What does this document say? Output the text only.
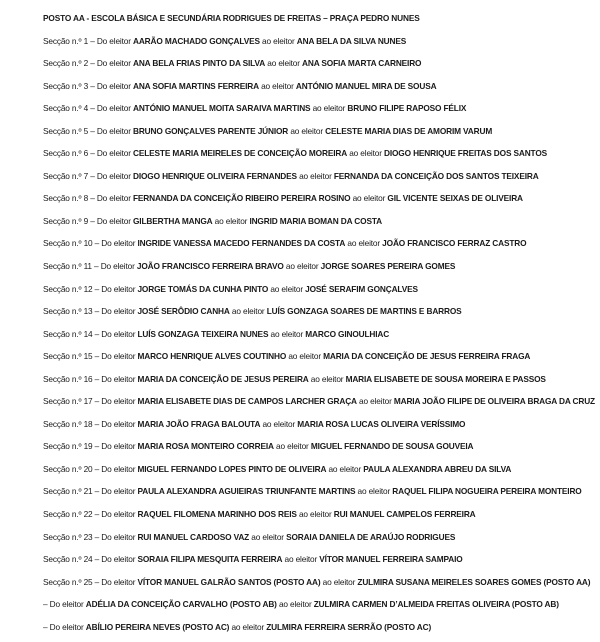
POSTO AA - ESCOLA BÁSICA E SECUNDÁRIA RODRIGUES DE FREITAS – PRAÇA PEDRO NUNES
Secção n.º 1 – Do eleitor AARÃO MACHADO GONÇALVES ao eleitor ANA BELA DA SILVA NUNES
Secção n.º 2 – Do eleitor ANA BELA FRIAS PINTO DA SILVA ao eleitor ANA SOFIA MARTA CARNEIRO
Secção n.º 3 – Do eleitor ANA SOFIA MARTINS FERREIRA ao eleitor ANTÓNIO MANUEL MIRA DE SOUSA
Secção n.º 4 – Do eleitor ANTÓNIO MANUEL MOITA SARAIVA MARTINS ao eleitor BRUNO FILIPE RAPOSO FÉLIX
Secção n.º 5 – Do eleitor BRUNO GONÇALVES PARENTE JÚNIOR ao eleitor CELESTE MARIA DIAS DE AMORIM VARUM
Secção n.º 6 – Do eleitor CELESTE MARIA MEIRELES DE CONCEIÇÃO MOREIRA ao eleitor DIOGO HENRIQUE FREITAS DOS SANTOS
Secção n.º 7 – Do eleitor DIOGO HENRIQUE OLIVEIRA FERNANDES ao eleitor FERNANDA DA CONCEIÇÃO DOS SANTOS TEIXEIRA
Secção n.º 8 – Do eleitor FERNANDA DA CONCEIÇÃO RIBEIRO PEREIRA ROSINO ao eleitor GIL VICENTE SEIXAS DE OLIVEIRA
Secção n.º 9 – Do eleitor GILBERTHA MANGA ao eleitor INGRID MARIA BOMAN DA COSTA
Secção n.º 10 – Do eleitor INGRIDE VANESSA MACEDO FERNANDES DA COSTA ao eleitor JOÃO FRANCISCO FERRAZ CASTRO
Secção n.º 11 – Do eleitor JOÃO FRANCISCO FERREIRA BRAVO ao eleitor JORGE SOARES PEREIRA GOMES
Secção n.º 12 – Do eleitor JORGE TOMÁS DA CUNHA PINTO ao eleitor JOSÉ SERAFIM GONÇALVES
Secção n.º 13 – Do eleitor JOSÉ SERÔDIO CANHA ao eleitor LUÍS GONZAGA SOARES DE MARTINS E BARROS
Secção n.º 14 – Do eleitor LUÍS GONZAGA TEIXEIRA NUNES ao eleitor MARCO GINOULHIAC
Secção n.º 15 – Do eleitor MARCO HENRIQUE ALVES COUTINHO ao eleitor MARIA DA CONCEIÇÃO DE JESUS FERREIRA FRAGA
Secção n.º 16 – Do eleitor MARIA DA CONCEIÇÃO DE JESUS PEREIRA ao eleitor MARIA ELISABETE DE SOUSA MOREIRA E PASSOS
Secção n.º 17 – Do eleitor MARIA ELISABETE DIAS DE CAMPOS LARCHER GRAÇA ao eleitor MARIA JOÃO FILIPE DE OLIVEIRA BRAGA DA CRUZ
Secção n.º 18 – Do eleitor MARIA JOÃO FRAGA BALOUTA ao eleitor MARIA ROSA LUCAS OLIVEIRA VERÍSSIMO
Secção n.º 19 – Do eleitor MARIA ROSA MONTEIRO CORREIA ao eleitor MIGUEL FERNANDO DE SOUSA GOUVEIA
Secção n.º 20 – Do eleitor MIGUEL FERNANDO LOPES PINTO DE OLIVEIRA ao eleitor PAULA ALEXANDRA ABREU DA SILVA
Secção n.º 21 – Do eleitor PAULA ALEXANDRA AGUIEIRAS TRIUNFANTE MARTINS ao eleitor RAQUEL FILIPA NOGUEIRA PEREIRA MONTEIRO
Secção n.º 22 – Do eleitor RAQUEL FILOMENA MARINHO DOS REIS ao eleitor RUI MANUEL CAMPELOS FERREIRA
Secção n.º 23 – Do eleitor RUI MANUEL CARDOSO VAZ ao eleitor SORAIA DANIELA DE ARAÚJO RODRIGUES
Secção n.º 24 – Do eleitor SORAIA FILIPA MESQUITA FERREIRA ao eleitor VÍTOR MANUEL FERREIRA SAMPAIO
Secção n.º 25 – Do eleitor VÍTOR MANUEL GALRÃO SANTOS (POSTO AA) ao eleitor ZULMIRA SUSANA MEIRELES SOARES GOMES (POSTO AA)
– Do eleitor ADÉLIA DA CONCEIÇÃO CARVALHO (POSTO AB) ao eleitor ZULMIRA CARMEN D’ALMEIDA FREITAS OLIVEIRA (POSTO AB)
– Do eleitor ABÍLIO PEREIRA NEVES (POSTO AC) ao eleitor ZULMIRA FERREIRA SERRÃO (POSTO AC)
